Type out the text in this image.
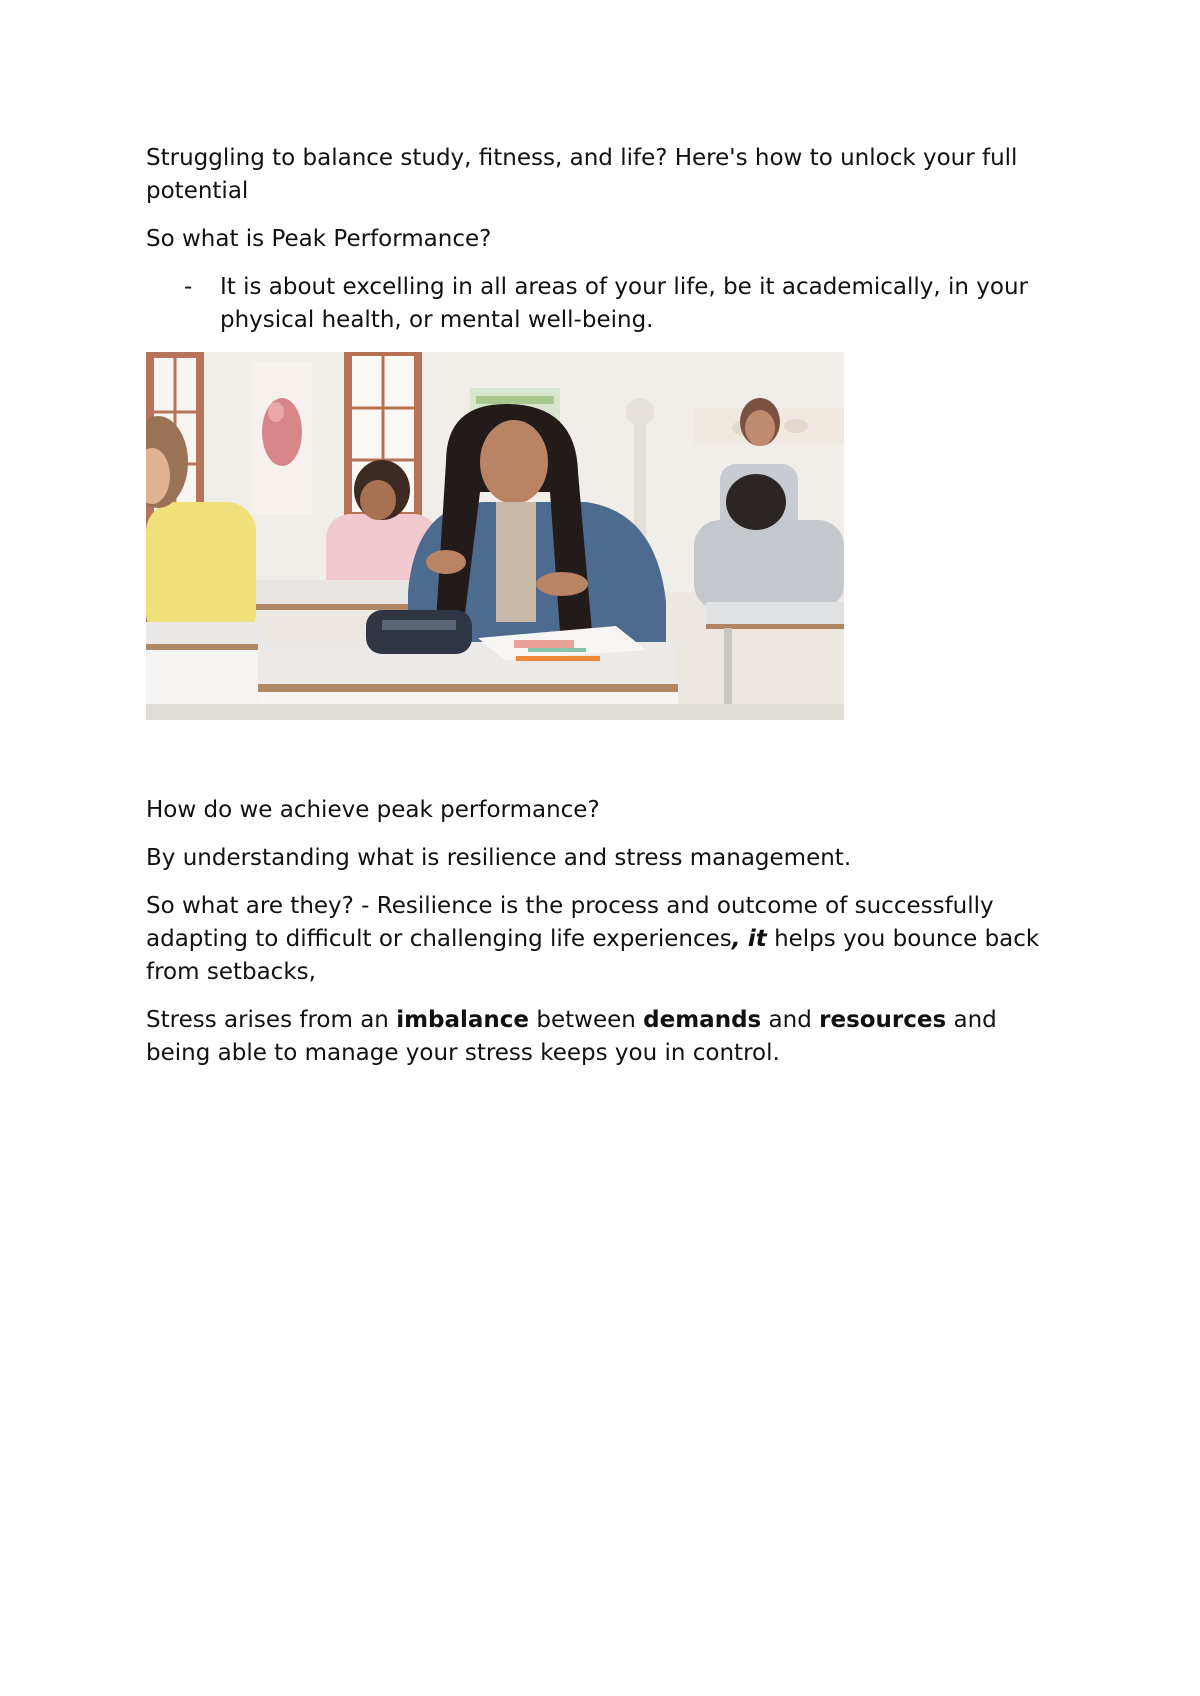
Struggling to balance study, fitness, and life? Here's how to unlock your full potential

So what is Peak Performance?

- It is about excelling in all areas of your life, be it academically, in your physical health, or mental well-being.

How do we achieve peak performance?

By understanding what is resilience and stress management.

So what are they? - Resilience is the process and outcome of successfully adapting to difficult or challenging life experiences, it helps you bounce back from setbacks,

Stress arises from an imbalance between demands and resources and being able to manage your stress keeps you in control.
